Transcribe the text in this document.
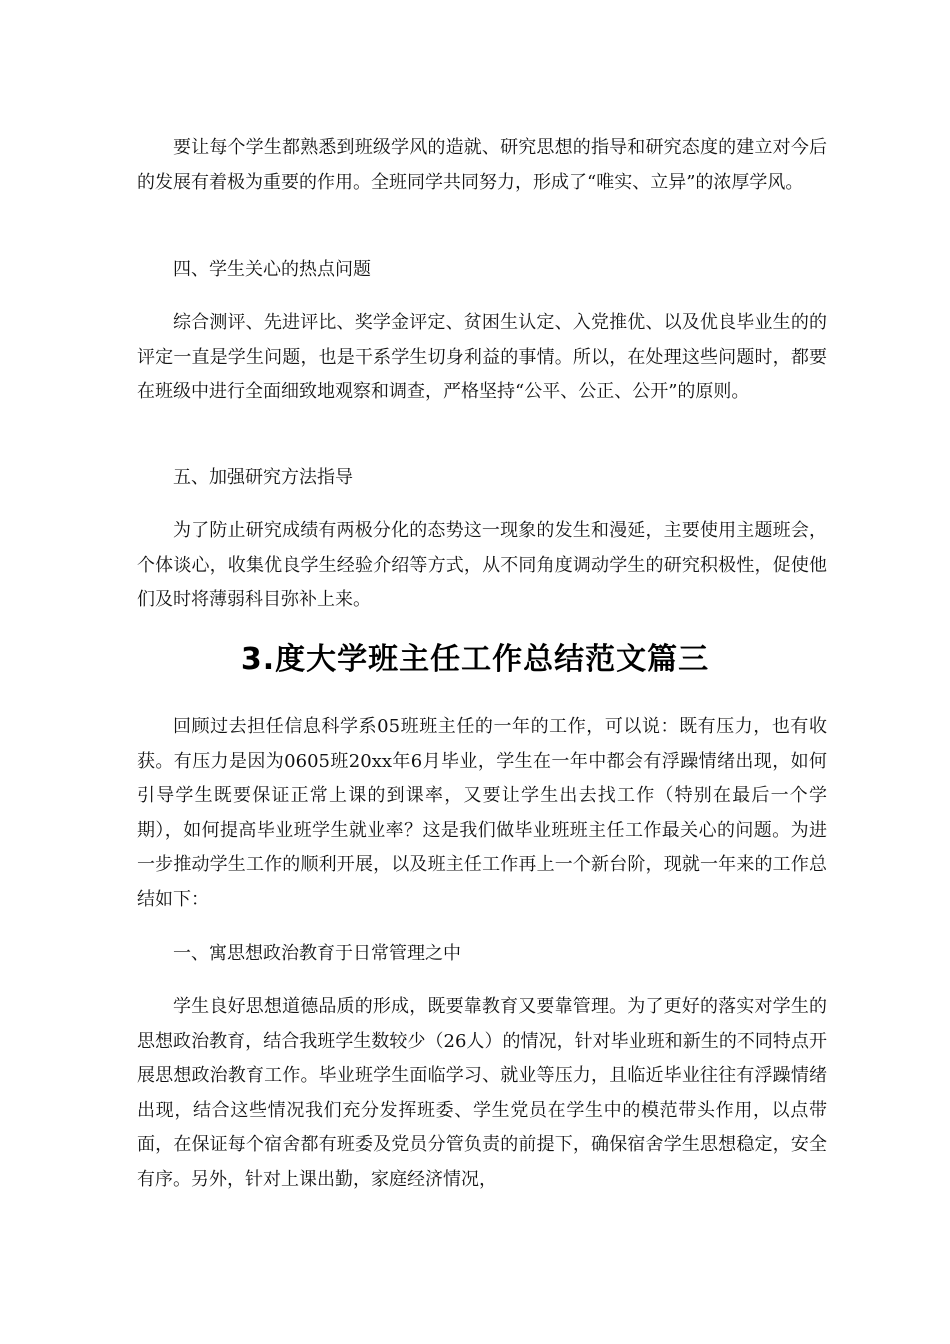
要让每个学生都熟悉到班级学风的造就、研究思想的指导和研究态度的建立对今后的发展有着极为重要的作用。全班同学共同努力，形成了“唯实、立异”的浓厚学风。

四、学生关心的热点问题

综合测评、先进评比、奖学金评定、贫困生认定、入党推优、以及优良毕业生的的评定一直是学生问题，也是干系学生切身利益的事情。所以，在处理这些问题时，都要在班级中进行全面细致地观察和调查，严格坚持“公平、公正、公开”的原则。

五、加强研究方法指导

为了防止研究成绩有两极分化的态势这一现象的发生和漫延，主要使用主题班会，个体谈心，收集优良学生经验介绍等方式，从不同角度调动学生的研究积极性，促使他们及时将薄弱科目弥补上来。

3.度大学班主任工作总结范文篇三

回顾过去担任信息科学系05班班主任的一年的工作，可以说：既有压力，也有收获。有压力是因为0605班20xx年6月毕业，学生在一年中都会有浮躁情绪出现，如何引导学生既要保证正常上课的到课率，又要让学生出去找工作（特别在最后一个学期），如何提高毕业班学生就业率？这是我们做毕业班班主任工作最关心的问题。为进一步推动学生工作的顺利开展，以及班主任工作再上一个新台阶，现就一年来的工作总结如下：

一、寓思想政治教育于日常管理之中

学生良好思想道德品质的形成，既要靠教育又要靠管理。为了更好的落实对学生的思想政治教育，结合我班学生数较少（26人）的情况，针对毕业班和新生的不同特点开展思想政治教育工作。毕业班学生面临学习、就业等压力，且临近毕业往往有浮躁情绪出现，结合这些情况我们充分发挥班委、学生党员在学生中的模范带头作用，以点带面，在保证每个宿舍都有班委及党员分管负责的前提下，确保宿舍学生思想稳定，安全有序。另外，针对上课出勤，家庭经济情况，
